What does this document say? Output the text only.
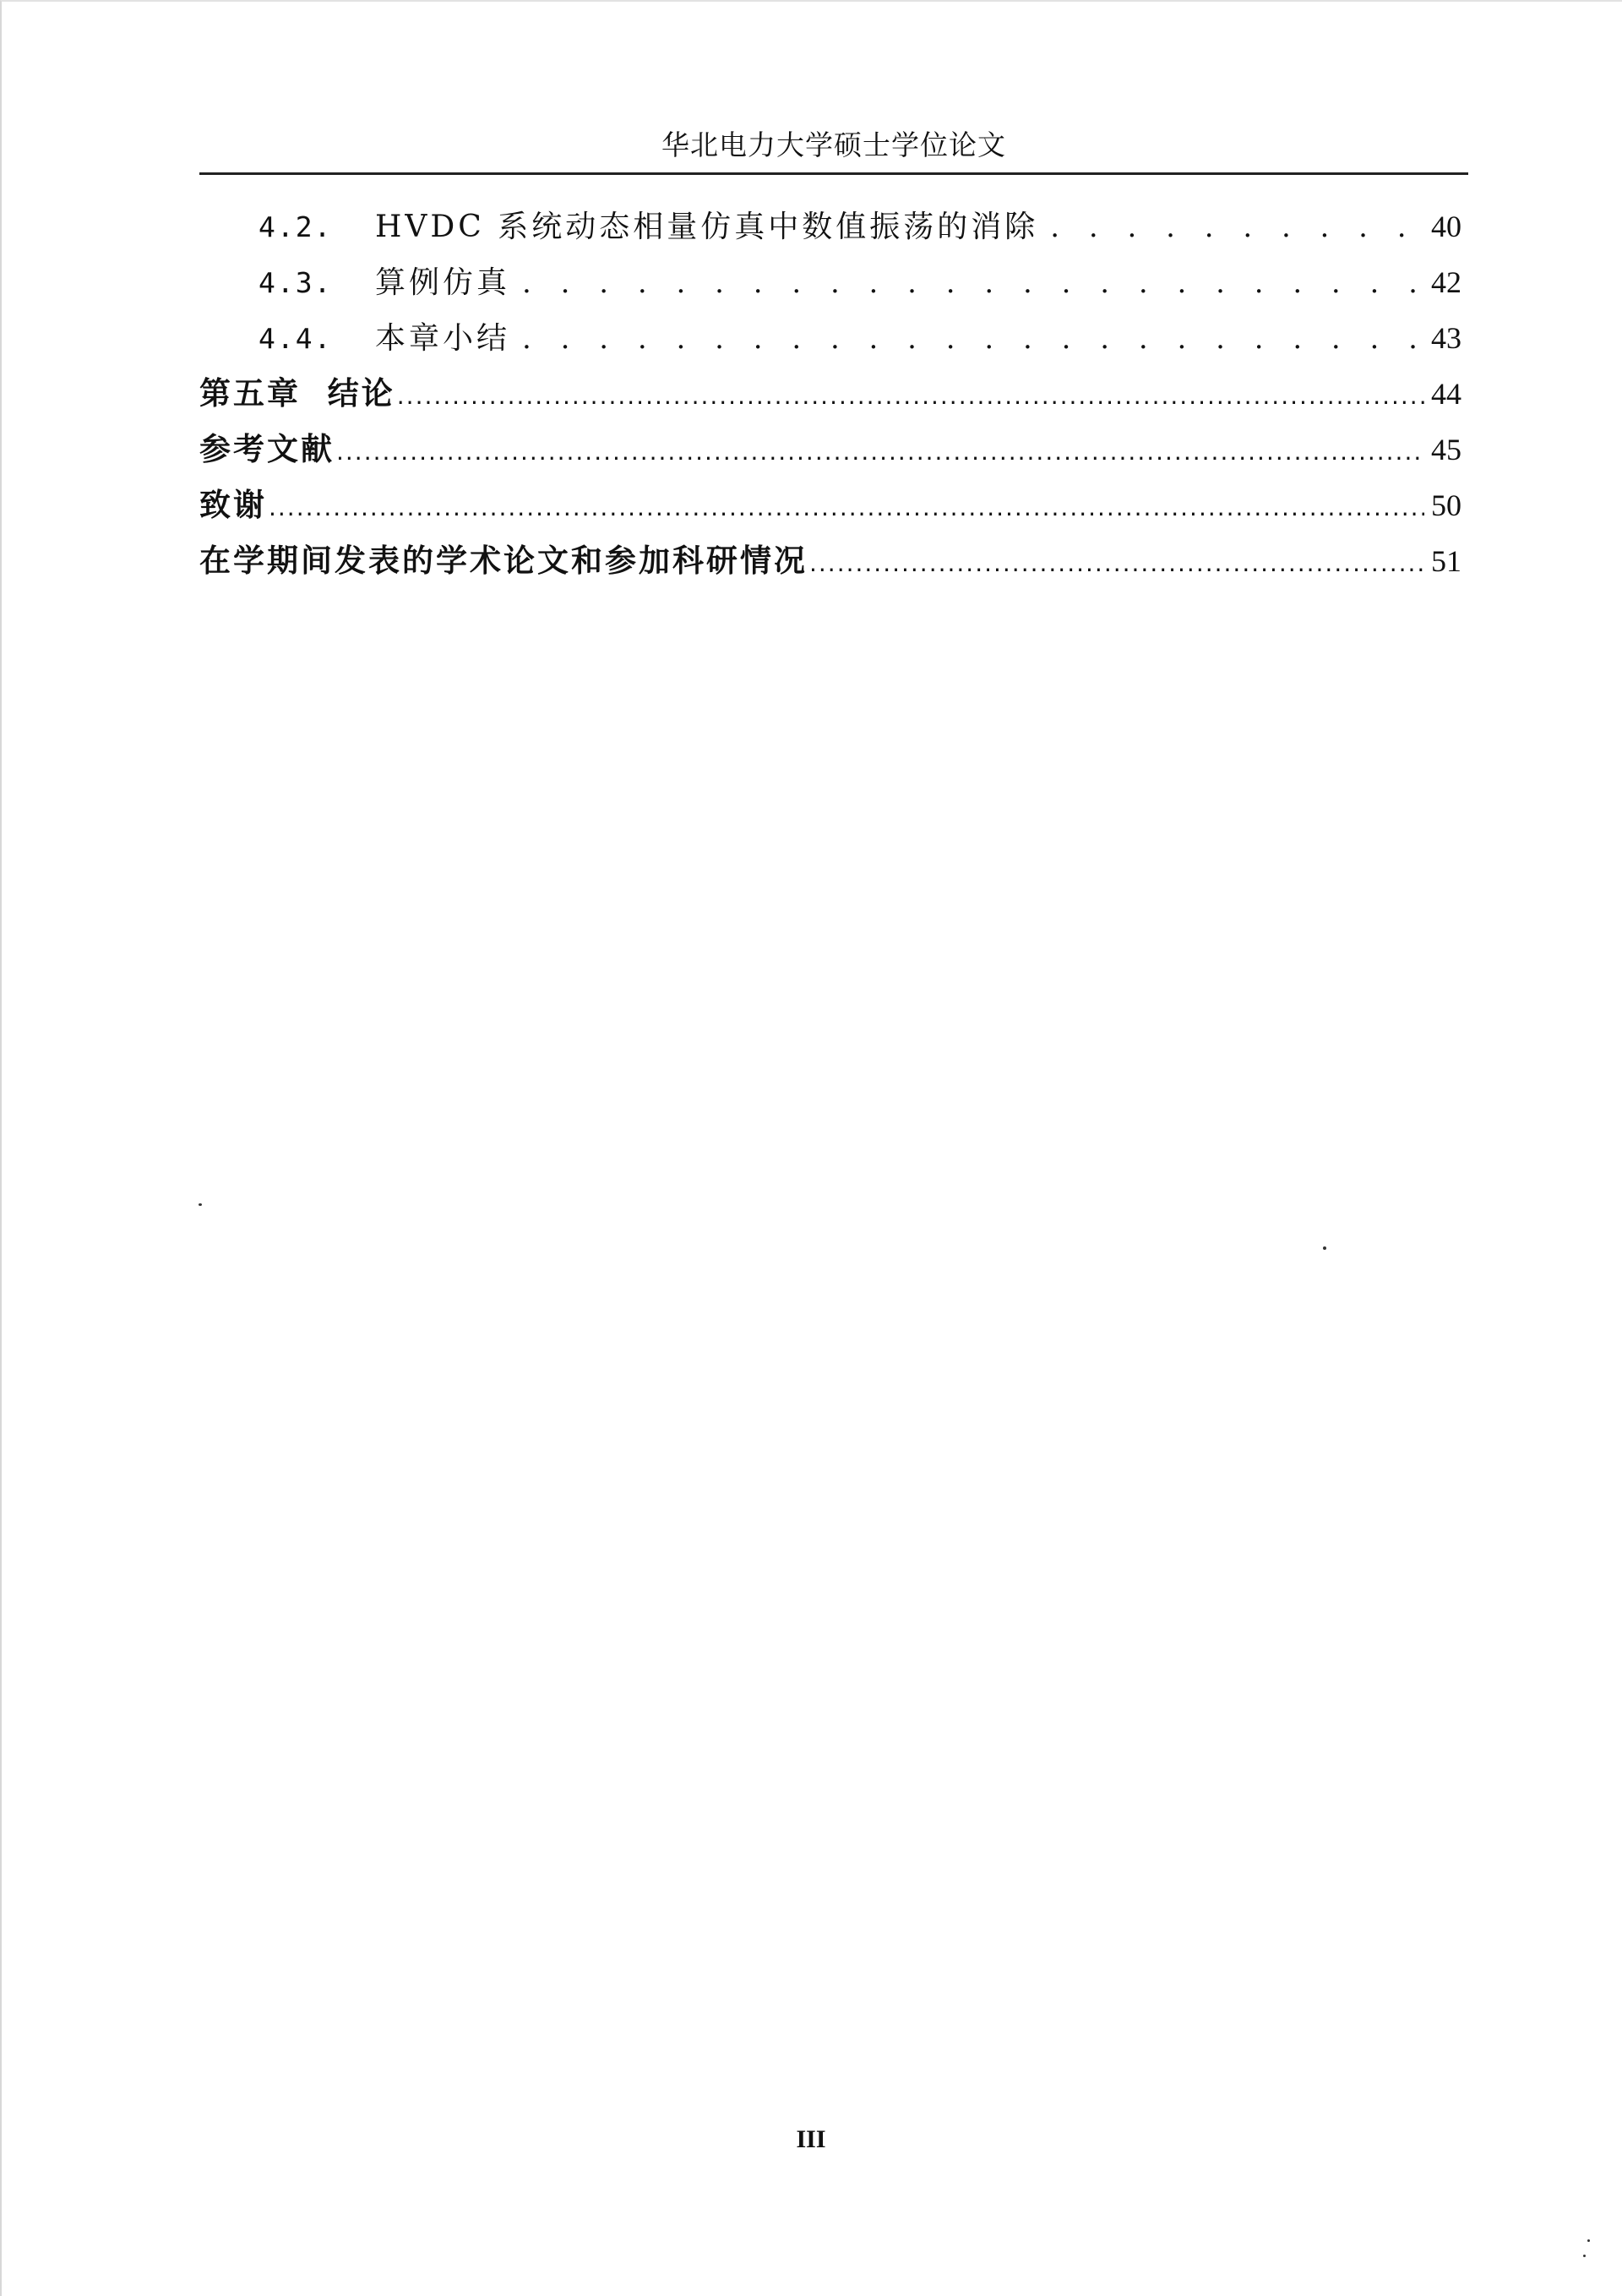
华北电力大学硕士学位论文
4.2.	HVDC 系统动态相量仿真中数值振荡的消除 . . .	40
4.3.	算例仿真 . . .	42
4.4.	本章小结 . . .	43
第五章  结论 .....	44
参考文献 .....	45
致谢 .....	50
在学期间发表的学术论文和参加科研情况 .....	51
III
